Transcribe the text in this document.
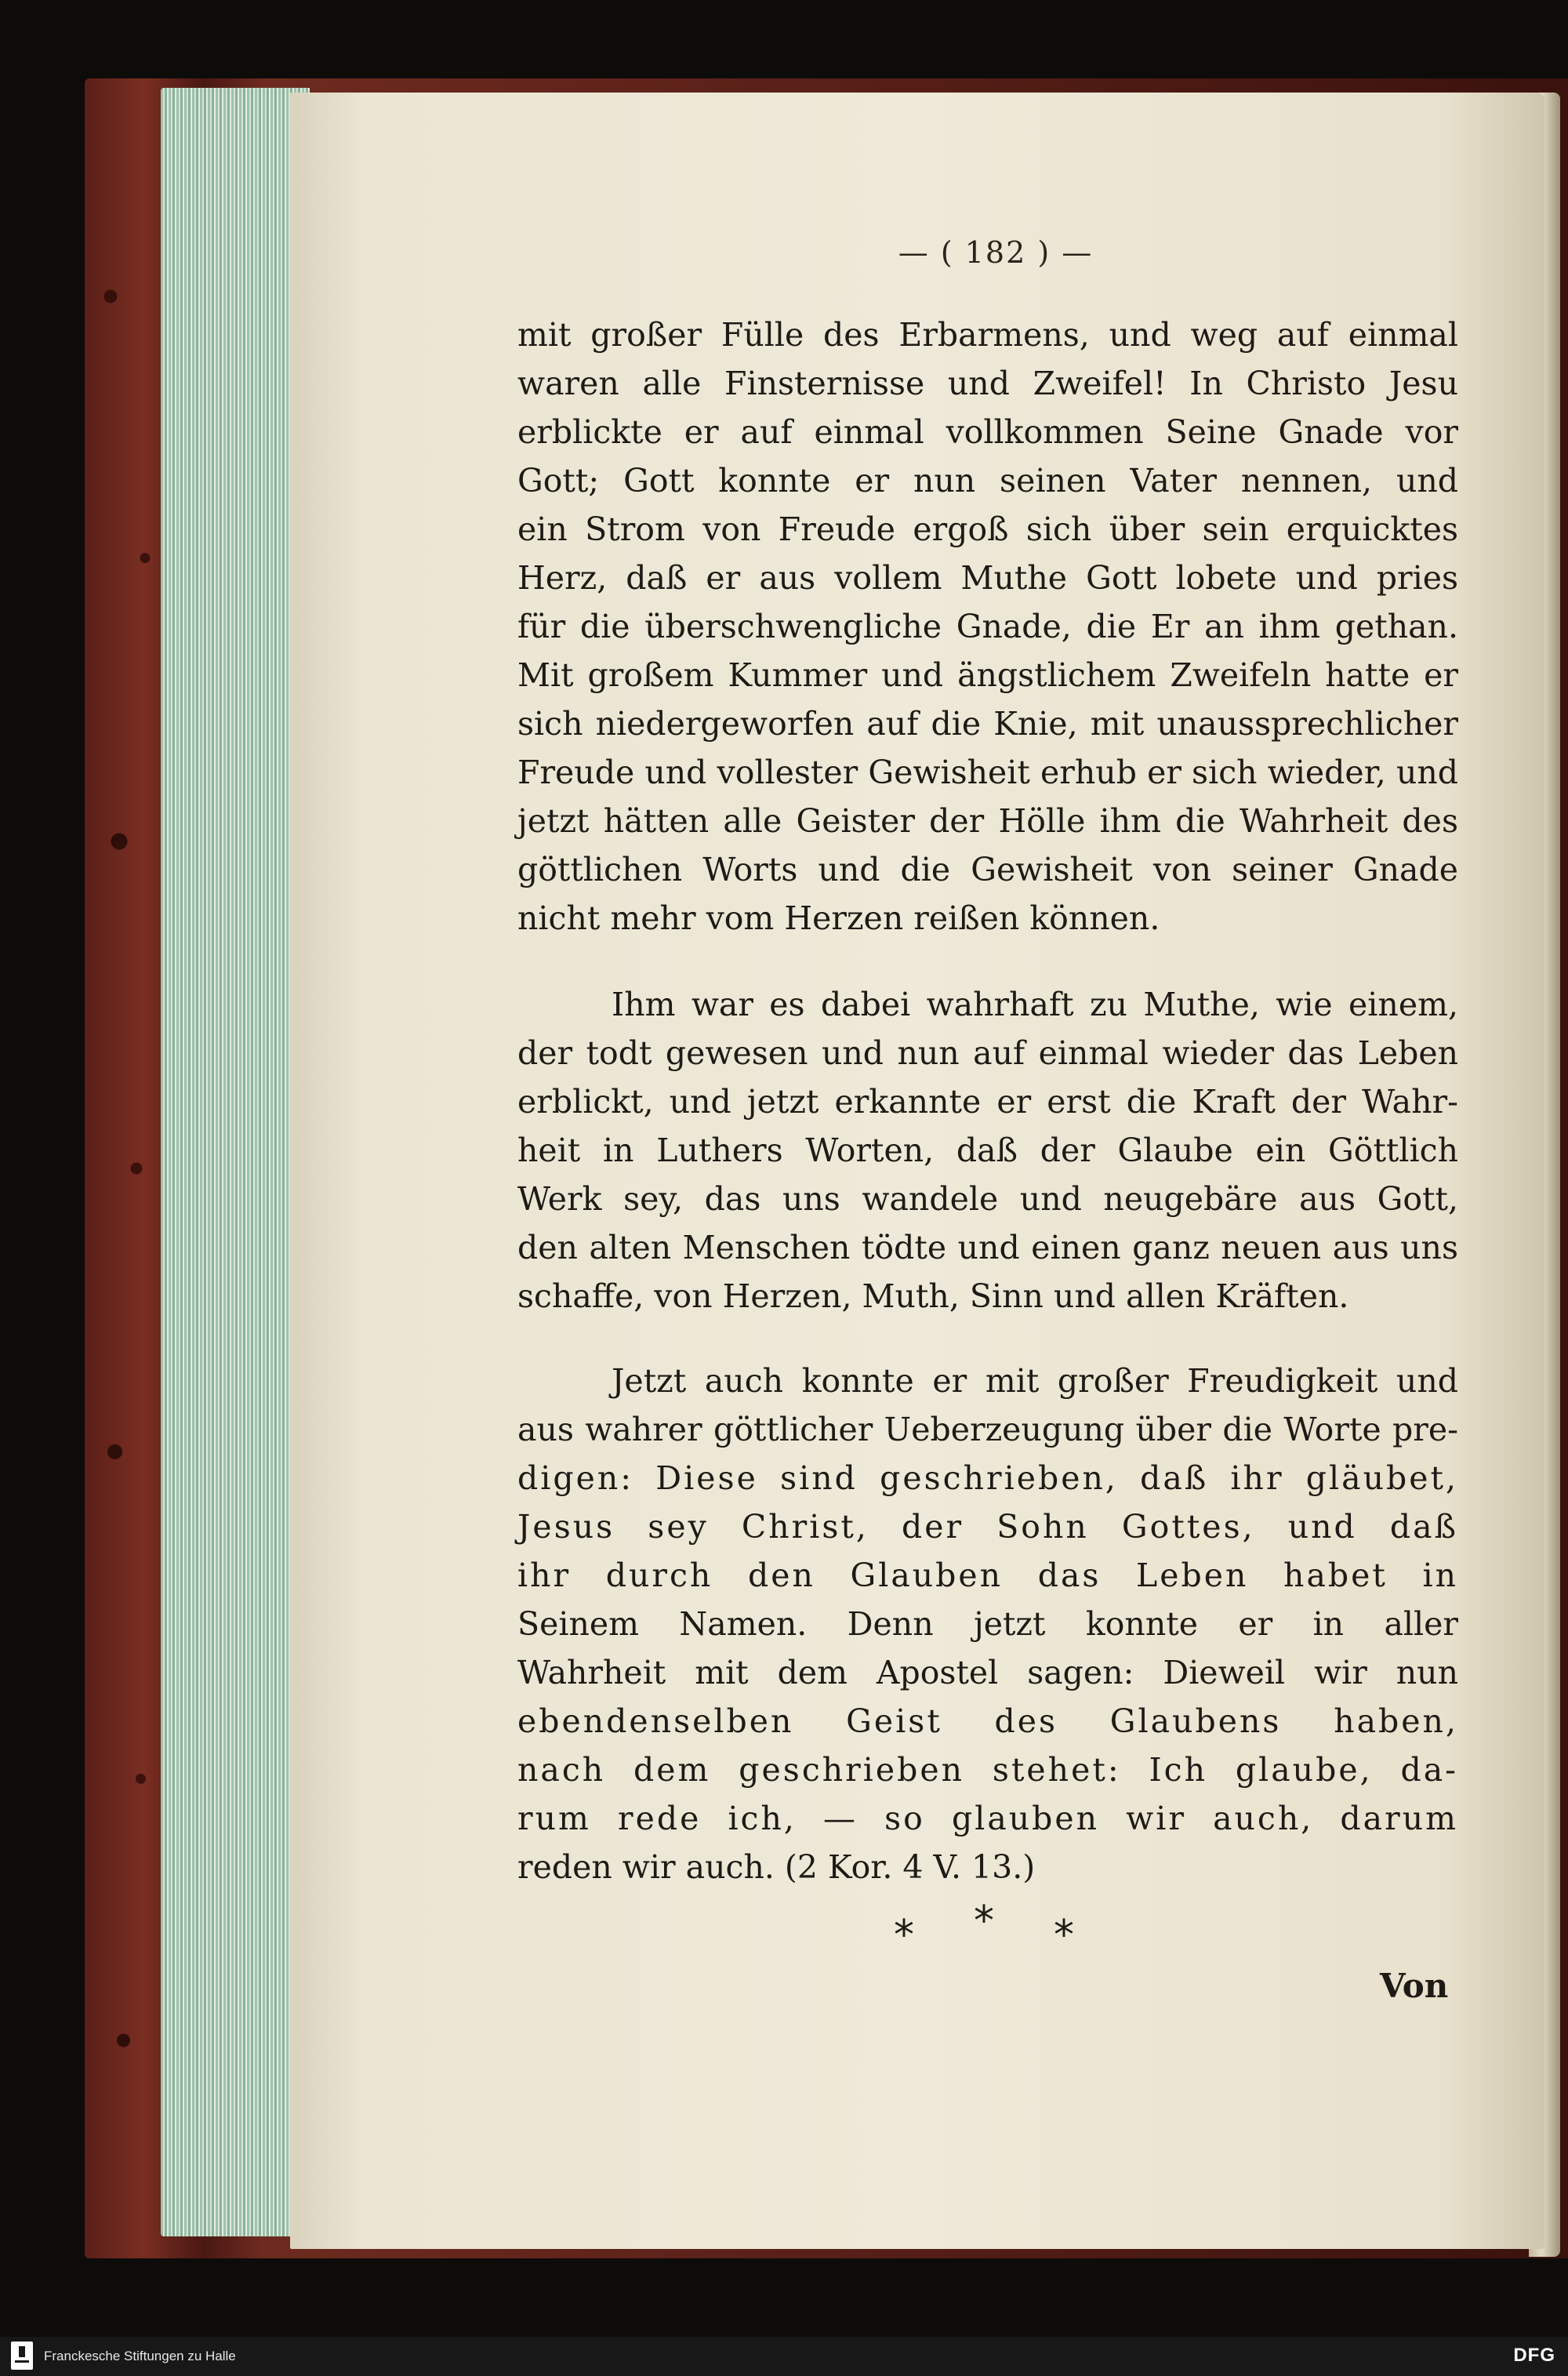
— ( 182 ) —
mit großer Fülle des Erbarmens, und weg auf einmal
waren alle Finsternisse und Zweifel! In Christo Jesu
erblickte er auf einmal vollkommen Seine Gnade vor
Gott; Gott konnte er nun seinen Vater nennen, und
ein Strom von Freude ergoß sich über sein erquicktes
Herz, daß er aus vollem Muthe Gott lobete und pries
für die überschwengliche Gnade, die Er an ihm gethan.
Mit großem Kummer und ängstlichem Zweifeln hatte er
sich niedergeworfen auf die Knie, mit unaussprechlicher
Freude und vollester Gewisheit erhub er sich wieder, und
jetzt hätten alle Geister der Hölle ihm die Wahrheit des
göttlichen Worts und die Gewisheit von seiner Gnade
nicht mehr vom Herzen reißen können.
Ihm war es dabei wahrhaft zu Muthe, wie einem,
der todt gewesen und nun auf einmal wieder das Leben
erblickt, und jetzt erkannte er erst die Kraft der Wahr-
heit in Luthers Worten, daß der Glaube ein Göttlich
Werk sey, das uns wandele und neugebäre aus Gott,
den alten Menschen tödte und einen ganz neuen aus uns
schaffe, von Herzen, Muth, Sinn und allen Kräften.
Jetzt auch konnte er mit großer Freudigkeit und
aus wahrer göttlicher Ueberzeugung über die Worte pre-
digen: Diese sind geschrieben, daß ihr gläubet,
Jesus sey Christ, der Sohn Gottes, und daß
ihr durch den Glauben das Leben habet in
Seinem Namen. Denn jetzt konnte er in aller
Wahrheit mit dem Apostel sagen: Dieweil wir nun
ebendenselben Geist des Glaubens haben,
nach dem geschrieben stehet: Ich glaube, da-
rum rede ich, — so glauben wir auch, darum
reden wir auch. (2 Kor. 4 V. 13.)
* * *
Von
Franckesche Stiftungen zu Halle	DFG
